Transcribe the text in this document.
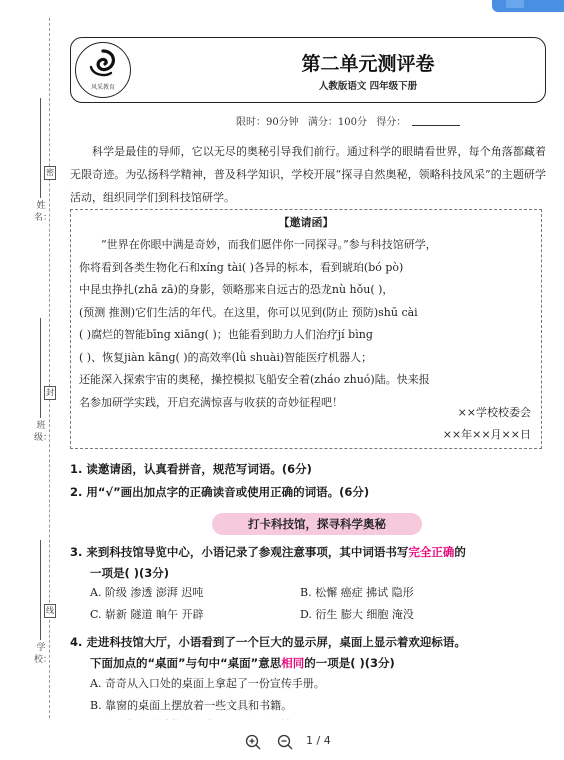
姓 名：
班 级：
学 校：
密
封
线
风采教育
第二单元测评卷
人教版语文 四年级下册
限时：90分钟 满分：100分 得分：
科学是最佳的导师，它以无尽的奥秘引导我们前行。通过科学的眼睛看世界，每个角落都藏着无限奇迹。为弘扬科学精神，普及科学知识，学校开展“探寻自然奥秘，领略科技风采”的主题研学活动，组织同学们到科技馆研学。
【邀请函】
“世界在你眼中满是奇妙，而我们愿伴你一同探寻。”参与科技馆研学，
你将看到各类生物化石和xíng tài( )各异的标本，看到琥珀(bó pò)
中昆虫挣扎(zhā zā)的身影，领略那来自远古的恐龙nù hǒu( )，
(预测 推测)它们生活的年代。在这里，你可以见到(防止 预防)shū cài
( )腐烂的智能bīng xiāng( )；也能看到助力人们治疗jí bìng
( )、恢复jiàn kāng( )的高效率(lǜ shuài)智能医疗机器人；
还能深入探索宇宙的奥秘，操控模拟飞船安全着(zháo zhuó)陆。快来报
名参加研学实践，开启充满惊喜与收获的奇妙征程吧！
××学校校委会
××年××月××日
1. 读邀请函，认真看拼音，规范写词语。(6分)
2. 用“√”画出加点字的正确读音或使用正确的词语。(6分)
打卡科技馆，探寻科学奥秘
3. 来到科技馆导览中心，小语记录了参观注意事项，其中词语书写完全正确的
一项是( )(3分)
A. 阶级 渗透 澎湃 迟吨	B. 松懈 癌症 拂试 隐形
C. 崭新 隧道 晌午 开辟	D. 衍生 膨大 细胞 淹没
4. 走进科技馆大厅，小语看到了一个巨大的显示屏，桌面上显示着欢迎标语。
下面加点的“桌面”与句中“桌面”意思相同的一项是( )(3分)
A. 奇奇从入口处的桌面上拿起了一份宣传手册。
B. 靠窗的桌面上摆放着一些文具和书籍。
1 / 4
